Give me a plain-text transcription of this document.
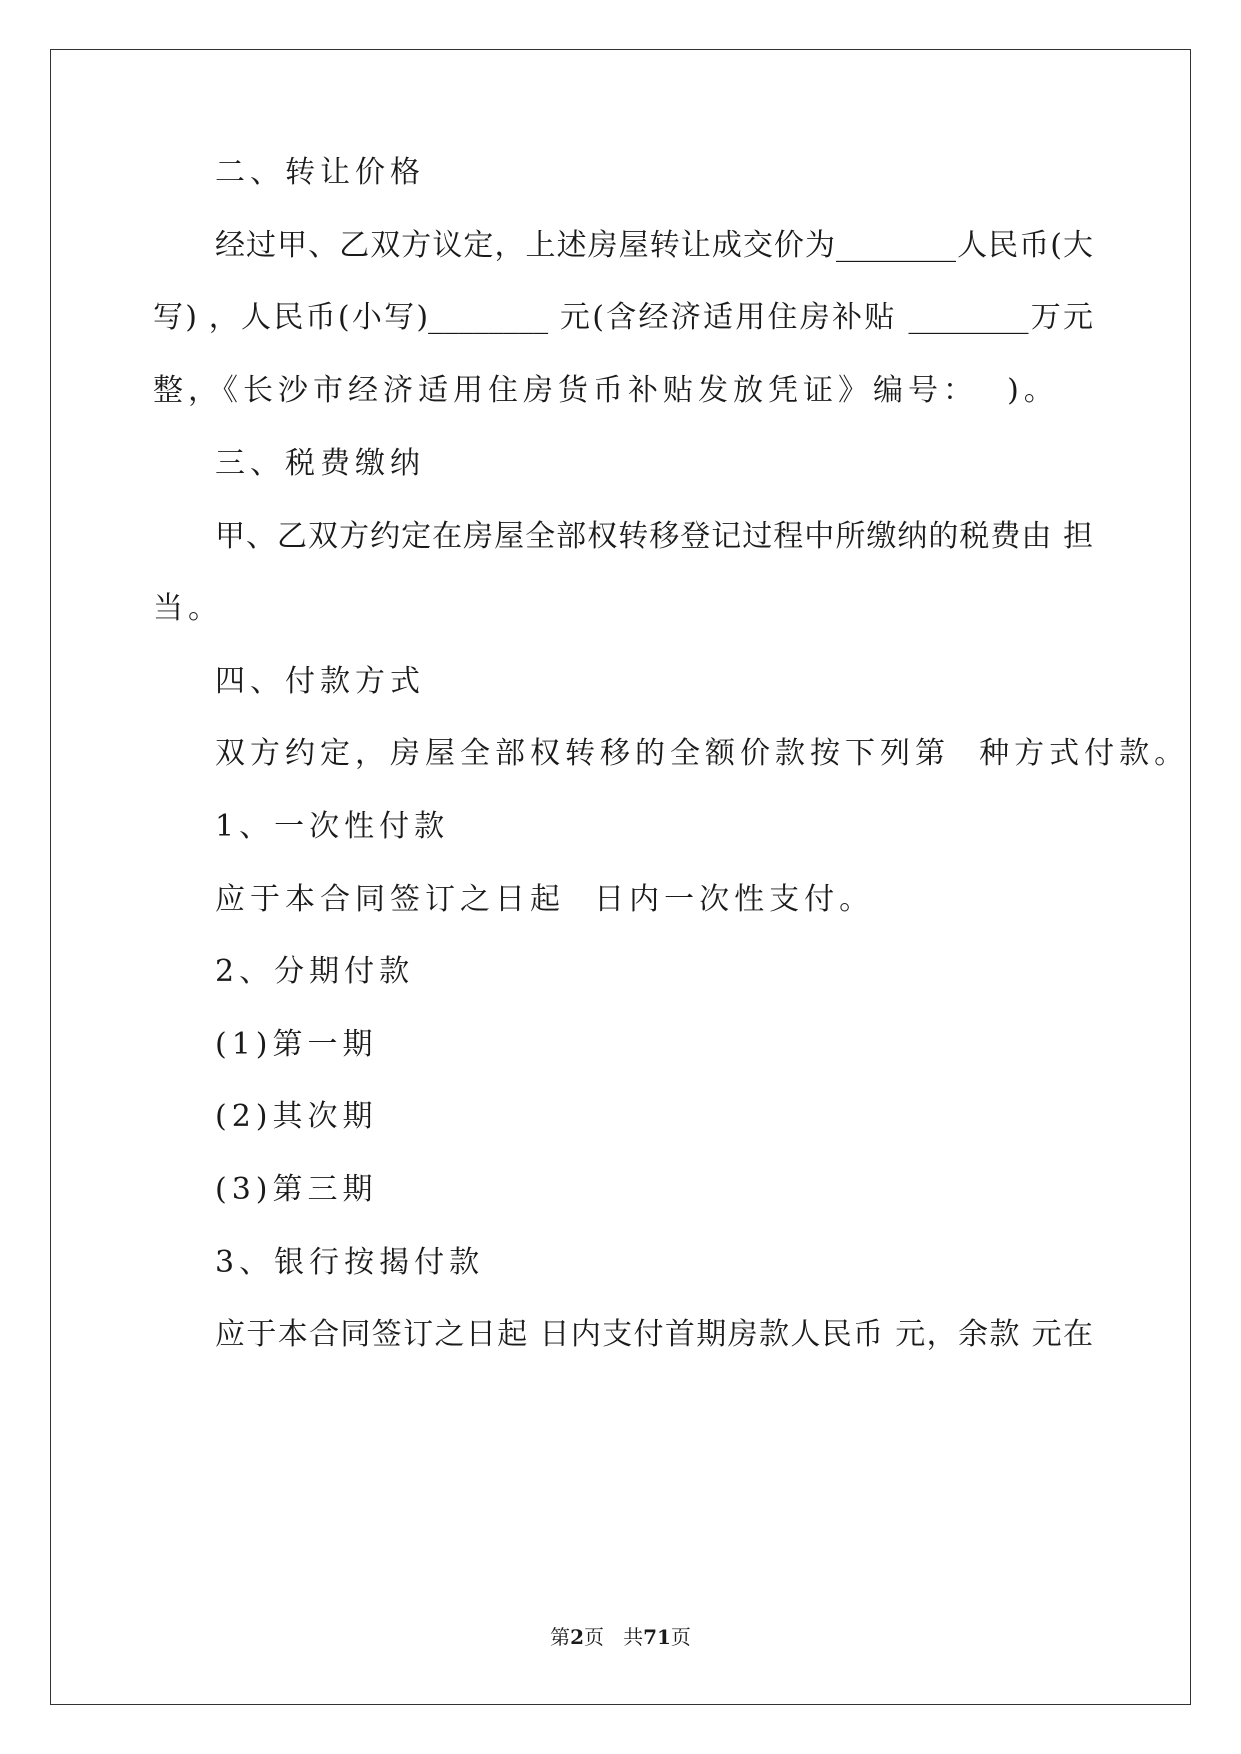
二、转让价格
经过甲、乙双方议定，上述房屋转让成交价为________人民币(大
写) ，人民币(小写)________ 元(含经济适用住房补贴 ________万元
整，《长沙市经济适用住房货币补贴发放凭证》编号：  )。
三、税费缴纳
甲、乙双方约定在房屋全部权转移登记过程中所缴纳的税费由 担
当。
四、付款方式
双方约定，房屋全部权转移的全额价款按下列第  种方式付款。
1、一次性付款
应于本合同签订之日起  日内一次性支付。
2、分期付款
(1)第一期
(2)其次期
(3)第三期
3、银行按揭付款
应于本合同签订之日起 日内支付首期房款人民币 元，余款 元在
第2页 共71页
